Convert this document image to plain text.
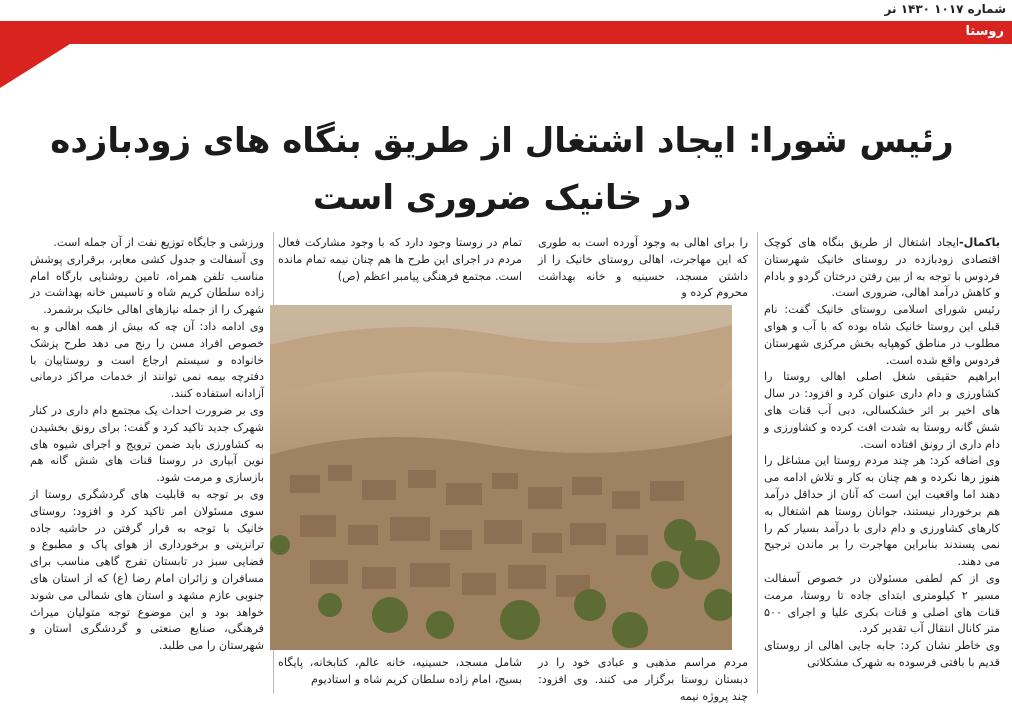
شماره ۱۰۱۷ ۱۴۳۰ نر
روستا
رئیس شورا: ایجاد اشتغال از طریق بنگاه های زودبازده
در خانیک ضروری است

باکمال-ایجاد اشتغال از طریق بنگاه های کوچک اقتصادی زودبازده در روستای خانیک شهرستان فردوس با توجه به از بین رفتن درختان گردو و بادام و کاهش درآمد اهالی، ضروری است.

رئیس شورای اسلامی روستای خانیک گفت: نام قبلی این روستا خانیک شاه بوده که با آب و هوای مطلوب در مناطق کوهپایه بخش مرکزی شهرستان فردوس واقع شده است.

ابراهیم حقیقی شغل اصلی اهالی روستا را کشاورزی و دام داری عنوان کرد و افزود: در سال های اخیر بر اثر خشکسالی، دبی آب قنات های شش گانه روستا به شدت افت کرده و کشاورزی و دام داری از رونق افتاده است.

وی اضافه کرد: هر چند مردم روستا این مشاغل را هنوز رها نکرده و هم چنان به کار و تلاش ادامه می دهند اما واقعیت این است که آنان از حداقل درآمد هم برخوردار نیستند، جوانان روستا هم اشتغال به کارهای کشاورزی و دام داری با درآمد بسیار کم را نمی پسندند بنابراین مهاجرت را بر ماندن ترجیح می دهند.

وی از کم لطفی مسئولان در خصوص آسفالت مسیر ۲ کیلومتری ابتدای جاده تا روستا، مرمت قنات های اصلی و قنات بکری علیا و اجرای ۵۰۰ متر کانال انتقال آب تقدیر کرد.

وی خاطر نشان کرد: جابه جایی اهالی از روستای قدیم با بافتی فرسوده به شهرک مشکلاتی

را برای اهالی به وجود آورده است به طوری که این مهاجرت، اهالی روستای خانیک را از داشتن مسجد، حسینیه و خانه بهداشت محروم کرده و
تمام در روستا وجود دارد که با وجود مشارکت فعال مردم در اجرای این طرح ها هم چنان نیمه تمام مانده است. مجتمع فرهنگی پیامبر اعظم (ص)
مردم مراسم مذهبی و عبادی خود را در دبستان روستا برگزار می کنند. وی افزود: چند پروژه نیمه
شامل مسجد، حسینیه، خانه عالم، کتابخانه، پایگاه بسیج، امام زاده سلطان کریم شاه و استادیوم

ورزشی و جایگاه توزیع نفت از آن جمله است.

وی آسفالت و جدول کشی معابر، برقراری پوشش مناسب تلفن همراه، تامین روشنایی بارگاه امام زاده سلطان کریم شاه و تاسیس خانه بهداشت در شهرک را از جمله نیازهای اهالی خانیک برشمرد.

وی ادامه داد: آن چه که بیش از همه اهالی و به خصوص افراد مسن را رنج می دهد طرح پزشک خانواده و سیستم ارجاع است و روستاییان با دفترچه بیمه نمی توانند از خدمات مراکز درمانی آزادانه استفاده کنند.

وی بر ضرورت احداث یک مجتمع دام داری در کنار شهرک جدید تاکید کرد و گفت: برای رونق بخشیدن به کشاورزی باید ضمن ترویج و اجرای شیوه های نوین آبیاری در روستا قنات های شش گانه هم بازسازی و مرمت شود.

وی بر توجه به قابلیت های گردشگری روستا از سوی مسئولان امر تاکید کرد و افزود: روستای خانیک با توجه به قرار گرفتن در حاشیه جاده ترانزیتی و برخورداری از هوای پاک و مطبوع و فضایی سبز در تابستان تفرج گاهی مناسب برای مسافران و زائران امام رضا (ع) که از استان های جنوبی عازم مشهد و استان های شمالی می شوند خواهد بود و این موضوع توجه متولیان میراث فرهنگی، صنایع صنعتی و گردشگری استان و شهرستان را می طلبد.
